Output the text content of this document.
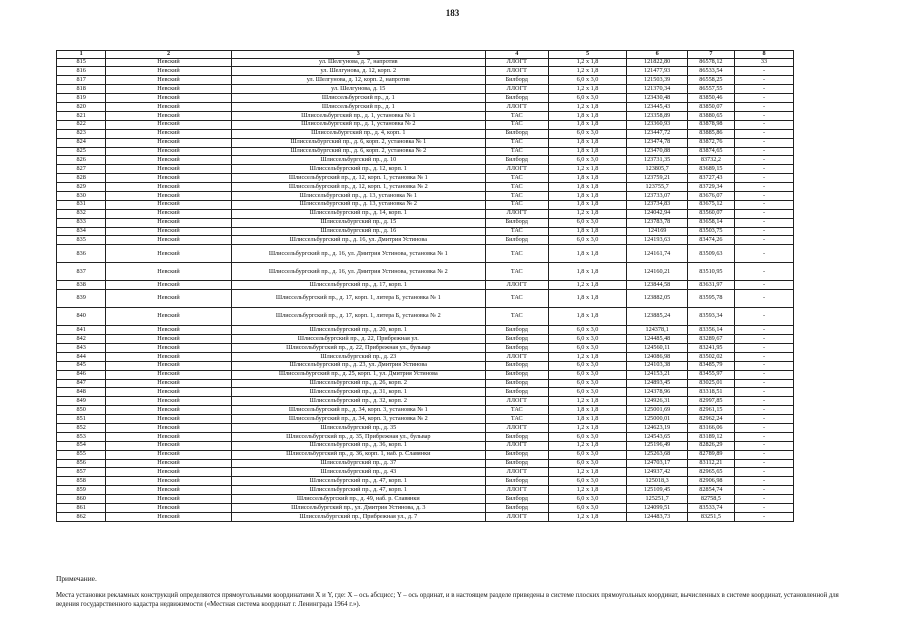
183
1	2	3	4	5	6	7	8
815	Невский	ул. Шелгунова, д. 7, напротив	ЛЛОГТ	1,2 х 1,8	121822,80	86578,12	33
816	Невский	ул. Шелгунова, д. 12, корп. 2	ЛЛОГТ	1,2 х 1,8	121477,93	86533,54	-
817	Невский	ул. Шелгунова, д. 12, корп. 2, напротив	Билборд	6,0 х 3,0	121503,39	86558,25	-
818	Невский	ул. Шелгунова, д. 15	ЛЛОГТ	1,2 х 1,8	121370,34	86557,55	-
819	Невский	Шлиссельбургский пр., д. 1	Билборд	6,0 х 3,0	123430,48	83850,46	-
820	Невский	Шлиссельбургский пр., д. 1	ЛЛОГТ	1,2 х 1,8	123445,43	83850,07	-
821	Невский	Шлиссельбургский пр., д. 1, установка № 1	ТАС	1,8 х 1,8	123358,89	83880,65	-
822	Невский	Шлиссельбургский пр., д. 1, установка № 2	ТАС	1,8 х 1,8	123360,93	83878,98	-
823	Невский	Шлиссельбургский пр., д. 4, корп. 1	Билборд	6,0 х 3,0	123447,72	83885,86	-
824	Невский	Шлиссельбургский пр., д. 6, корп. 2, установка № 1	ТАС	1,8 х 1,8	123474,78	83872,76	-
825	Невский	Шлиссельбургский пр., д. 6, корп. 2, установка № 2	ТАС	1,8 х 1,8	123470,88	83874,65	-
826	Невский	Шлиссельбургский пр., д. 10	Билборд	6,0 х 3,0	123731,35	83732,2	-
827	Невский	Шлиссельбургский пр., д. 12, корп. 1	ЛЛОГТ	1,2 х 1,8	123805,7	83689,15	-
828	Невский	Шлиссельбургский пр., д. 12, корп. 1, установка № 1	ТАС	1,8 х 1,8	123759,21	83727,43	-
829	Невский	Шлиссельбургский пр., д. 12, корп. 1, установка № 2	ТАС	1,8 х 1,8	123755,7	83729,34	-
830	Невский	Шлиссельбургский пр., д. 13, установка № 1	ТАС	1,8 х 1,8	123733,07	83676,07	-
831	Невский	Шлиссельбургский пр., д. 13, установка № 2	ТАС	1,8 х 1,8	123734,83	83675,12	-
832	Невский	Шлиссельбургский пр., д. 14, корп. 1	ЛЛОГТ	1,2 х 1,8	124042,94	83560,07	-
833	Невский	Шлиссельбургский пр., д. 15	Билборд	6,0 х 3,0	123783,78	83658,14	-
834	Невский	Шлиссельбургский пр., д. 16	ТАС	1,8 х 1,8	124169	83503,75	-
835	Невский	Шлиссельбургский пр., д. 16, ул. Дмитрия Устинова	Билборд	6,0 х 3,0	124193,63	83474,26	-
836	Невский	Шлиссельбургский пр., д. 16, ул. Дмитрия Устинова, установка № 1	ТАС	1,8 х 1,8	124161,74	83509,63	-
837	Невский	Шлиссельбургский пр., д. 16, ул. Дмитрия Устинова, установка № 2	ТАС	1,8 х 1,8	124160,21	83510,95	-
838	Невский	Шлиссельбургский пр., д. 17, корп. 1	ЛЛОГТ	1,2 х 1,8	123844,58	83631,97	-
839	Невский	Шлиссельбургский пр., д. 17, корп. 1, литера Б, установка № 1	ТАС	1,8 х 1,8	123882,05	83595,78	-
840	Невский	Шлиссельбургский пр., д. 17, корп. 1, литера Б, установка № 2	ТАС	1,8 х 1,8	123885,24	83593,34	-
841	Невский	Шлиссельбургский пр., д. 20, корп. 1	Билборд	6,0 х 3,0	124378,1	83356,14	-
842	Невский	Шлиссельбургский пр., д. 22, Прибрежная ул.	Билборд	6,0 х 3,0	124485,48	83289,67	-
843	Невский	Шлиссельбургский пр., д. 22, Прибрежная ул., бульвар	Билборд	6,0 х 3,0	124560,11	83241,95	-
844	Невский	Шлиссельбургский пр., д. 23	ЛЛОГТ	1,2 х 1,8	124086,98	83502,02	-
845	Невский	Шлиссельбургский пр., д. 23, ул. Дмитрия Устинова	Билборд	6,0 х 3,0	124103,38	83485,79	-
846	Невский	Шлиссельбургский пр., д. 25, корп. 1, ул. Дмитрия Устинова	Билборд	6,0 х 3,0	124153,21	83455,97	-
847	Невский	Шлиссельбургский пр., д. 26, корп. 2	Билборд	6,0 х 3,0	124893,45	83025,01	-
848	Невский	Шлиссельбургский пр., д. 31, корп. 1	Билборд	6,0 х 3,0	124378,96	83318,51	-
849	Невский	Шлиссельбургский пр., д. 32, корп. 2	ЛЛОГТ	1,2 х 1,8	124926,31	82997,85	-
850	Невский	Шлиссельбургский пр., д. 34, корп. 3, установка № 1	ТАС	1,8 х 1,8	125001,69	82961,15	-
851	Невский	Шлиссельбургский пр., д. 34, корп. 3, установка № 2	ТАС	1,8 х 1,8	125000,01	82962,24	-
852	Невский	Шлиссельбургский пр., д. 35	ЛЛОГТ	1,2 х 1,8	124623,19	83166,06	-
853	Невский	Шлиссельбургский пр., д. 35, Прибрежная ул., бульвар	Билборд	6,0 х 3,0	124543,65	83189,12	-
854	Невский	Шлиссельбургский пр., д. 36, корп. 1	ЛЛОГТ	1,2 х 1,8	125196,49	82826,29	-
855	Невский	Шлиссельбургский пр., д. 36, корп. 1, наб. р. Славянки	Билборд	6,0 х 3,0	125263,68	82789,89	-
856	Невский	Шлиссельбургский пр., д. 37	Билборд	6,0 х 3,0	124703,17	83112,21	-
857	Невский	Шлиссельбургский пр., д. 43	ЛЛОГТ	1,2 х 1,8	124937,42	82965,65	-
858	Невский	Шлиссельбургский пр., д. 47, корп. 1	Билборд	6,0 х 3,0	125018,3	82906,98	-
859	Невский	Шлиссельбургский пр., д. 47, корп. 1	ЛЛОГТ	1,2 х 1,8	125109,45	82854,74	-
860	Невский	Шлиссельбургский пр., д. 49, наб. р. Славянки	Билборд	6,0 х 3,0	125251,7	82758,5	-
861	Невский	Шлиссельбургский пр., ул. Дмитрия Устинова, д. 3	Билборд	6,0 х 3,0	124099,51	83533,74	-
862	Невский	Шлиссельбургский пр., Прибрежная ул., д. 7	ЛЛОГТ	1,2 х 1,8	124483,73	83251,5	-
Примечание.
Места установки рекламных конструкций определяются прямоугольными координатами X и Y, где: X – ось абсцисс; Y – ось ординат, и в настоящем разделе приведены в системе плоских прямоугольных координат, вычисленных в системе координат, установленной для ведения государственного кадастра недвижимости («Местная система координат г. Ленинграда 1964 г.»).
